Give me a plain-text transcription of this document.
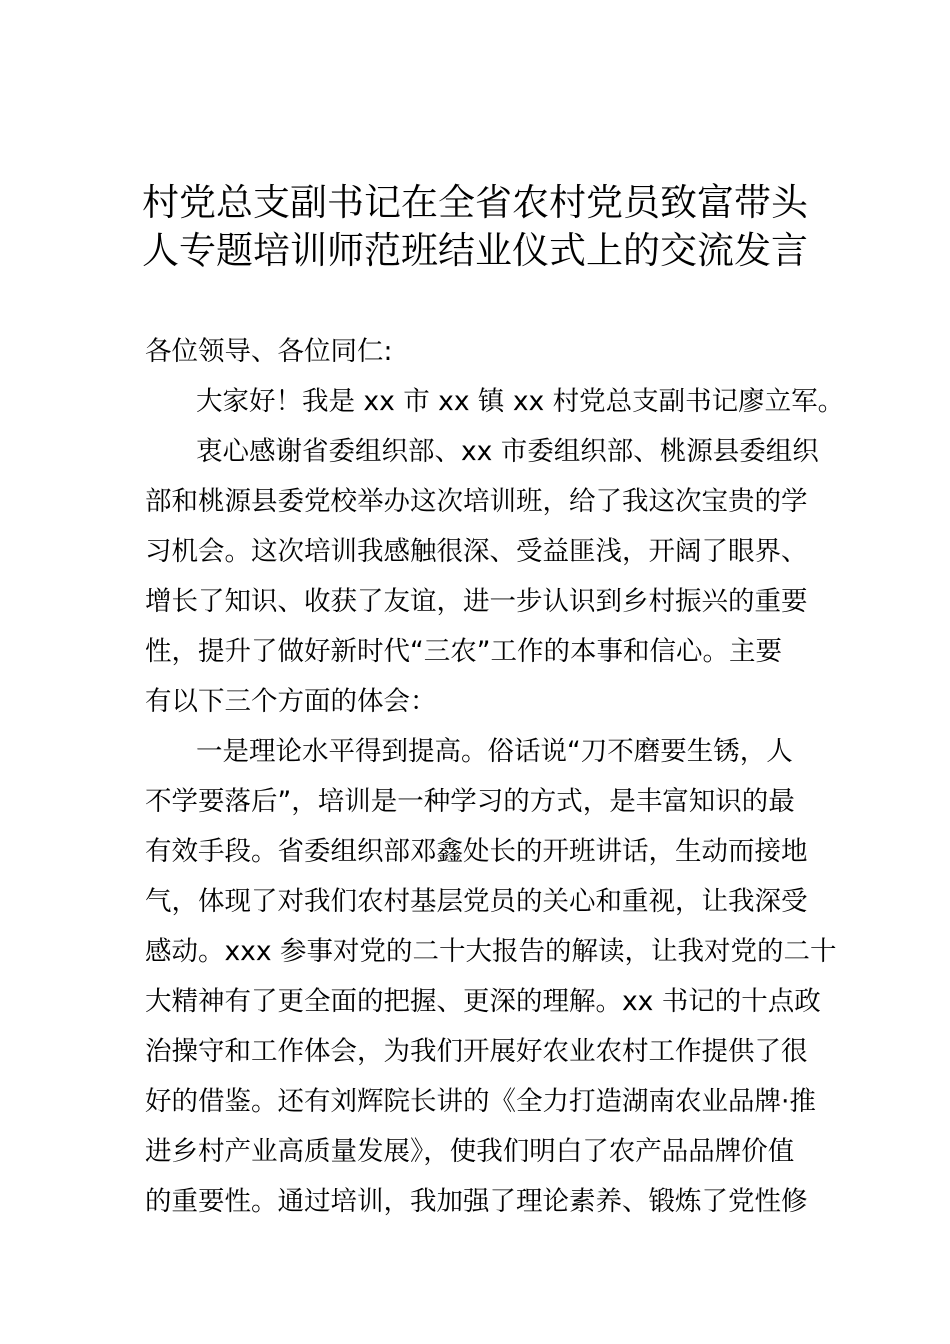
村党总支副书记在全省农村党员致富带头
人专题培训师范班结业仪式上的交流发言
各位领导、各位同仁:
大家好！我是 xx 市 xx 镇 xx 村党总支副书记廖立军。
衷心感谢省委组织部、xx 市委组织部、桃源县委组织
部和桃源县委党校举办这次培训班，给了我这次宝贵的学
习机会。这次培训我感触很深、受益匪浅，开阔了眼界、
增长了知识、收获了友谊，进一步认识到乡村振兴的重要
性，提升了做好新时代“三农”工作的本事和信心。主要
有以下三个方面的体会：
一是理论水平得到提高。俗话说“刀不磨要生锈，人
不学要落后”，培训是一种学习的方式，是丰富知识的最
有效手段。省委组织部邓鑫处长的开班讲话，生动而接地
气，体现了对我们农村基层党员的关心和重视，让我深受
感动。xxx 参事对党的二十大报告的解读，让我对党的二十
大精神有了更全面的把握、更深的理解。xx 书记的十点政
治操守和工作体会，为我们开展好农业农村工作提供了很
好的借鉴。还有刘辉院长讲的《全力打造湖南农业品牌·推
进乡村产业高质量发展》，使我们明白了农产品品牌价值
的重要性。通过培训，我加强了理论素养、锻炼了党性修
